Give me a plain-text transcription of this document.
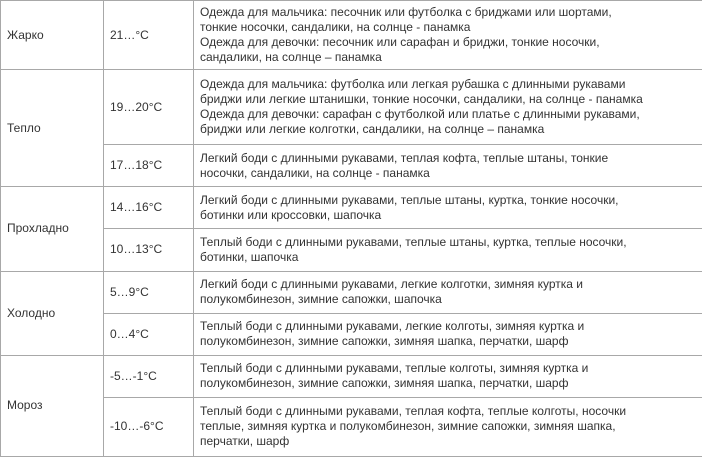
Жарко	21…°C	Одежда для мальчика: песочник или футболка с бриджами или шортами,
тонкие носочки, сандалики, на солнце - панамка
Одежда для девочки: песочник или сарафан и бриджи, тонкие носочки,
сандалики, на солнце – панамка

Тепло	19…20°C	Одежда для мальчика: футболка или легкая рубашка с длинными рукавами
бриджи или легкие штанишки, тонкие носочки, сандалики, на солнце - панамка
Одежда для девочки: сарафан с футболкой или платье с длинными рукавами,
бриджи или легкие колготки, сандалики, на солнце – панамка

	17…18°C	Легкий боди с длинными рукавами, теплая кофта, теплые штаны, тонкие
носочки, сандалики, на солнце - панамка

Прохладно	14…16°C	Легкий боди с длинными рукавами, теплые штаны, куртка, тонкие носочки,
ботинки или кроссовки, шапочка

	10…13°C	Теплый боди с длинными рукавами, теплые штаны, куртка, теплые носочки,
ботинки, шапочка

Холодно	5…9°C	Легкий боди с длинными рукавами, легкие колготки, зимняя куртка и
полукомбинезон, зимние сапожки, шапочка

	0…4°C	Теплый боди с длинными рукавами, легкие колготы, зимняя куртка и
полукомбинезон, зимние сапожки, зимняя шапка, перчатки, шарф

Мороз	-5…-1°C	Теплый боди с длинными рукавами, теплые колготы, зимняя куртка и
полукомбинезон, зимние сапожки, зимняя шапка, перчатки, шарф

	-10…-6°C	Теплый боди с длинными рукавами, теплая кофта, теплые колготы, носочки
теплые, зимняя куртка и полукомбинезон, зимние сапожки, зимняя шапка,
перчатки, шарф
